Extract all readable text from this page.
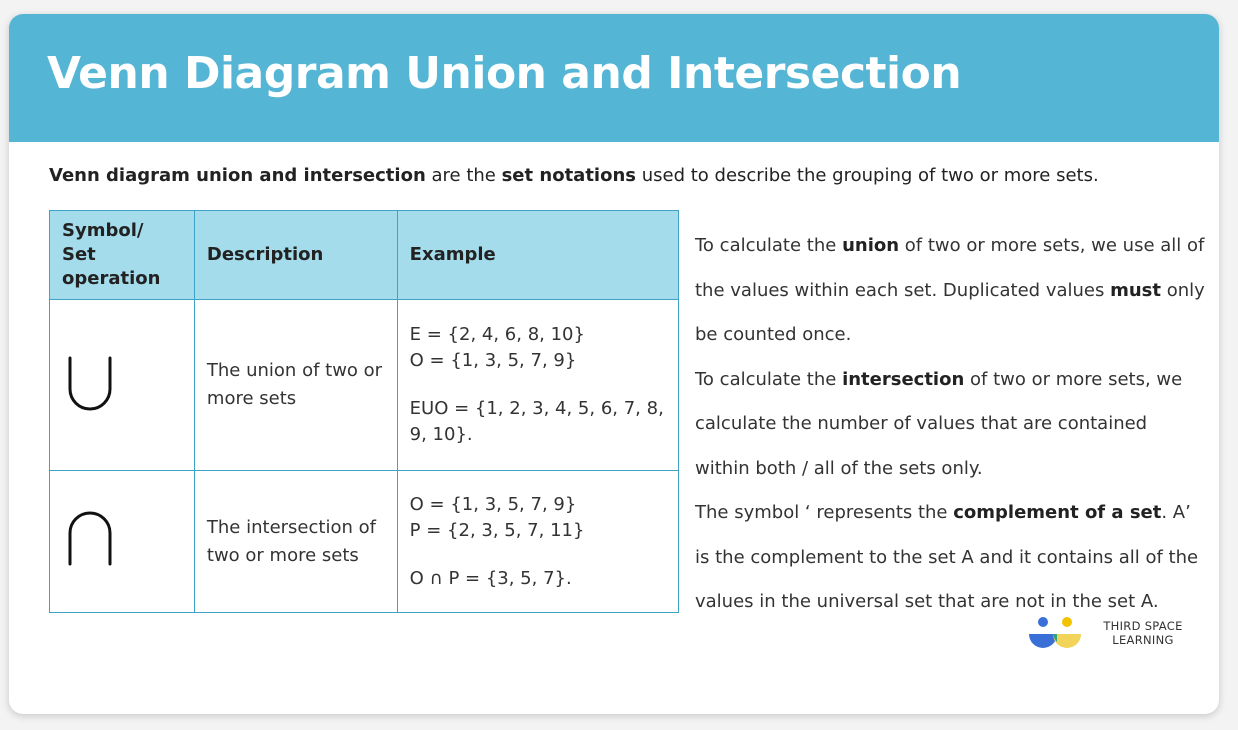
Venn Diagram Union and Intersection
Venn diagram union and intersection are the set notations used to describe the grouping of two or more sets.
Symbol/ Set operation	Description	Example
	The union of two or more sets	E = {2, 4, 6, 8, 10}
O = {1, 3, 5, 7, 9}
EUO = {1, 2, 3, 4, 5, 6, 7, 8, 9, 10}.

	The intersection of two or more sets	O = {1, 3, 5, 7, 9}
P = {2, 3, 5, 7, 11}
O ∩ P = {3, 5, 7}.

To calculate the union of two or more sets, we use all of the values within each set. Duplicated values must only be counted once.

To calculate the intersection of two or more sets, we calculate the number of values that are contained within both / all of the sets only.

The symbol ‘ represents the complement of a set. A’ is the complement to the set A and it contains all of the values in the universal set that are not in the set A.

THIRD SPACE
LEARNING
